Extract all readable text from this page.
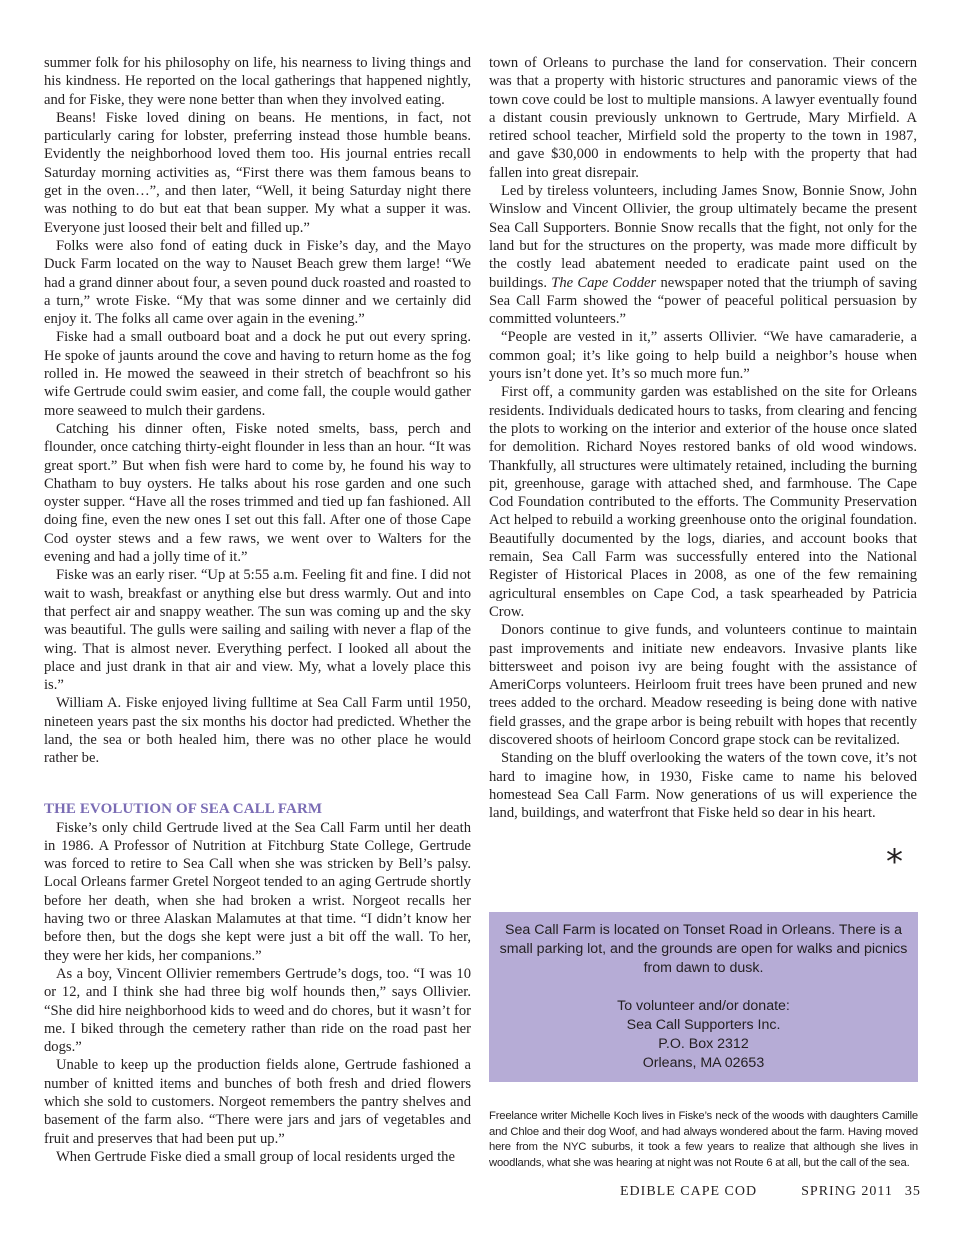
summer folk for his philosophy on life, his nearness to living things and his kindness. He reported on the local gatherings that happened nightly, and for Fiske, they were none better than when they involved eating.

Beans! Fiske loved dining on beans. He mentions, in fact, not particularly caring for lobster, preferring instead those humble beans. Evidently the neighborhood loved them too. His journal entries recall Saturday morning activities as, “First there was them famous beans to get in the oven…”, and then later, “Well, it being Saturday night there was nothing to do but eat that bean supper. My what a supper it was. Everyone just loosed their belt and filled up.”

Folks were also fond of eating duck in Fiske’s day, and the Mayo Duck Farm located on the way to Nauset Beach grew them large! “We had a grand dinner about four, a seven pound duck roasted and roasted to a turn,” wrote Fiske. “My that was some dinner and we certainly did enjoy it. The folks all came over again in the evening.”

Fiske had a small outboard boat and a dock he put out every spring. He spoke of jaunts around the cove and having to return home as the fog rolled in. He mowed the seaweed in their stretch of beachfront so his wife Gertrude could swim easier, and come fall, the couple would gather more seaweed to mulch their gardens.

Catching his dinner often, Fiske noted smelts, bass, perch and flounder, once catching thirty-eight flounder in less than an hour. “It was great sport.” But when fish were hard to come by, he found his way to Chatham to buy oysters. He talks about his rose garden and one such oyster supper. “Have all the roses trimmed and tied up fan fashioned. All doing fine, even the new ones I set out this fall. After one of those Cape Cod oyster stews and a few raws, we went over to Walters for the evening and had a jolly time of it.”

Fiske was an early riser. “Up at 5:55 a.m. Feeling fit and fine. I did not wait to wash, breakfast or anything else but dress warmly. Out and into that perfect air and snappy weather. The sun was coming up and the sky was beautiful. The gulls were sailing and sailing with never a flap of the wing. That is almost never. Everything perfect. I looked all about the place and just drank in that air and view. My, what a lovely place this is.”

William A. Fiske enjoyed living fulltime at Sea Call Farm until 1950, nineteen years past the six months his doctor had predicted. Whether the land, the sea or both healed him, there was no other place he would rather be.

THE EVOLUTION OF SEA CALL FARM

Fiske’s only child Gertrude lived at the Sea Call Farm until her death in 1986. A Professor of Nutrition at Fitchburg State College, Gertrude was forced to retire to Sea Call when she was stricken by Bell’s palsy. Local Orleans farmer Gretel Norgeot tended to an aging Gertrude shortly before her death, when she had broken a wrist. Norgeot recalls her having two or three Alaskan Malamutes at that time. “I didn’t know her before then, but the dogs she kept were just a bit off the wall. To her, they were her kids, her companions.”

As a boy, Vincent Ollivier remembers Gertrude’s dogs, too. “I was 10 or 12, and I think she had three big wolf hounds then,” says Ollivier. “She did hire neighborhood kids to weed and do chores, but it wasn’t for me. I biked through the cemetery rather than ride on the road past her dogs.”

Unable to keep up the production fields alone, Gertrude fashioned a number of knitted items and bunches of both fresh and dried flowers which she sold to customers. Norgeot remembers the pantry shelves and basement of the farm also. “There were jars and jars of vegetables and fruit and preserves that had been put up.”

When Gertrude Fiske died a small group of local residents urged the

town of Orleans to purchase the land for conservation. Their concern was that a property with historic structures and panoramic views of the town cove could be lost to multiple mansions. A lawyer eventually found a distant cousin previously unknown to Gertrude, Mary Mirfield. A retired school teacher, Mirfield sold the property to the town in 1987, and gave $30,000 in endowments to help with the property that had fallen into great disrepair.

Led by tireless volunteers, including James Snow, Bonnie Snow, John Winslow and Vincent Ollivier, the group ultimately became the present Sea Call Supporters. Bonnie Snow recalls that the fight, not only for the land but for the structures on the property, was made more difficult by the costly lead abatement needed to eradicate paint used on the buildings. The Cape Codder newspaper noted that the triumph of saving Sea Call Farm showed the “power of peaceful political persuasion by committed volunteers.”

“People are vested in it,” asserts Ollivier. “We have camaraderie, a common goal; it’s like going to help build a neighbor’s house when yours isn’t done yet. It’s so much more fun.”

First off, a community garden was established on the site for Orleans residents. Individuals dedicated hours to tasks, from clearing and fencing the plots to working on the interior and exterior of the house once slated for demolition. Richard Noyes restored banks of old wood windows. Thankfully, all structures were ultimately retained, including the burning pit, greenhouse, garage with attached shed, and farmhouse. The Cape Cod Foundation contributed to the efforts. The Community Preservation Act helped to rebuild a working greenhouse onto the original foundation. Beautifully documented by the logs, diaries, and account books that remain, Sea Call Farm was successfully entered into the National Register of Historical Places in 2008, as one of the few remaining agricultural ensembles on Cape Cod, a task spearheaded by Patricia Crow.

Donors continue to give funds, and volunteers continue to maintain past improvements and initiate new endeavors. Invasive plants like bittersweet and poison ivy are being fought with the assistance of AmeriCorps volunteers. Heirloom fruit trees have been pruned and new trees added to the orchard. Meadow reseeding is being done with native field grasses, and the grape arbor is being rebuilt with hopes that recently discovered shoots of heirloom Concord grape stock can be revitalized.

Standing on the bluff overlooking the waters of the town cove, it’s not hard to imagine how, in 1930, Fiske came to name his beloved homestead Sea Call Farm. Now generations of us will experience the land, buildings, and waterfront that Fiske held so dear in his heart.

*
Sea Call Farm is located on Tonset Road in Orleans. There is a small parking lot, and the grounds are open for walks and picnics from dawn to dusk.
To volunteer and/or donate:
Sea Call Supporters Inc.
P.O. Box 2312
Orleans, MA 02653
Freelance writer Michelle Koch lives in Fiske’s neck of the woods with daughters Camille and Chloe and their dog Woof, and had always wondered about the farm. Having moved here from the NYC suburbs, it took a few years to realize that although she lives in woodlands, what she was hearing at night was not Route 6 at all, but the call of the sea.
EDIBLE CAPE COD	SPRING 2011 35
